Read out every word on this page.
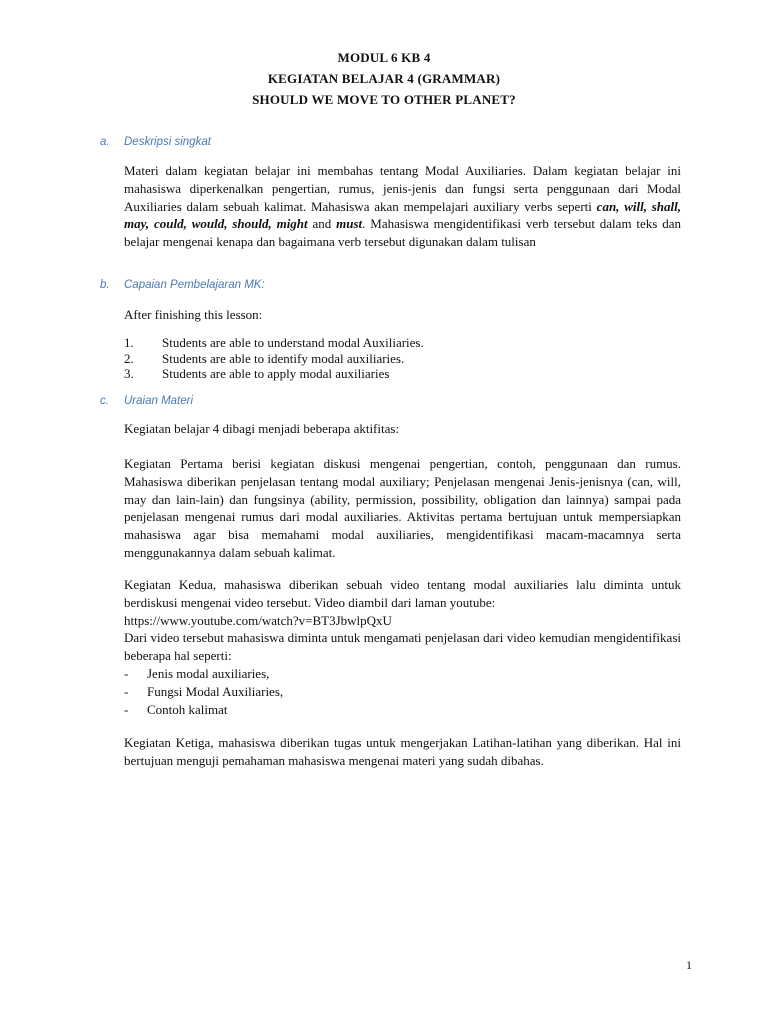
MODUL 6 KB 4
KEGIATAN BELAJAR 4 (GRAMMAR)
SHOULD WE MOVE TO OTHER PLANET?
a. Deskripsi singkat
Materi dalam kegiatan belajar ini membahas tentang Modal Auxiliaries. Dalam kegiatan belajar ini mahasiswa diperkenalkan pengertian, rumus, jenis-jenis dan fungsi serta penggunaan dari Modal Auxiliaries dalam sebuah kalimat. Mahasiswa akan mempelajari auxiliary verbs seperti can, will, shall, may, could, would, should, might and must. Mahasiswa mengidentifikasi verb tersebut dalam teks dan belajar mengenai kenapa dan bagaimana verb tersebut digunakan dalam tulisan
b. Capaian Pembelajaran MK:
After finishing this lesson:
1.	Students are able to understand modal Auxiliaries.
2.	Students are able to identify modal auxiliaries.
3.	Students are able to apply modal auxiliaries
c. Uraian Materi
Kegiatan belajar 4 dibagi menjadi beberapa aktifitas:
Kegiatan Pertama berisi kegiatan diskusi mengenai pengertian, contoh, penggunaan dan rumus. Mahasiswa diberikan penjelasan tentang modal auxiliary; Penjelasan mengenai Jenis-jenisnya (can, will, may dan lain-lain) dan fungsinya (ability, permission, possibility, obligation dan lainnya) sampai pada penjelasan mengenai rumus dari modal auxiliaries. Aktivitas pertama bertujuan untuk mempersiapkan mahasiswa agar bisa memahami modal auxiliaries, mengidentifikasi macam-macamnya serta menggunakannya dalam sebuah kalimat.
Kegiatan Kedua, mahasiswa diberikan sebuah video tentang modal auxiliaries lalu diminta untuk berdiskusi mengenai video tersebut. Video diambil dari laman youtube:
https://www.youtube.com/watch?v=BT3JbwlpQxU
Dari video tersebut mahasiswa diminta untuk mengamati penjelasan dari video kemudian mengidentifikasi beberapa hal seperti:
-	Jenis modal auxiliaries,
-	Fungsi Modal Auxiliaries,
-	Contoh kalimat
Kegiatan Ketiga, mahasiswa diberikan tugas untuk mengerjakan Latihan-latihan yang diberikan. Hal ini bertujuan menguji pemahaman mahasiswa mengenai materi yang sudah dibahas.
1
